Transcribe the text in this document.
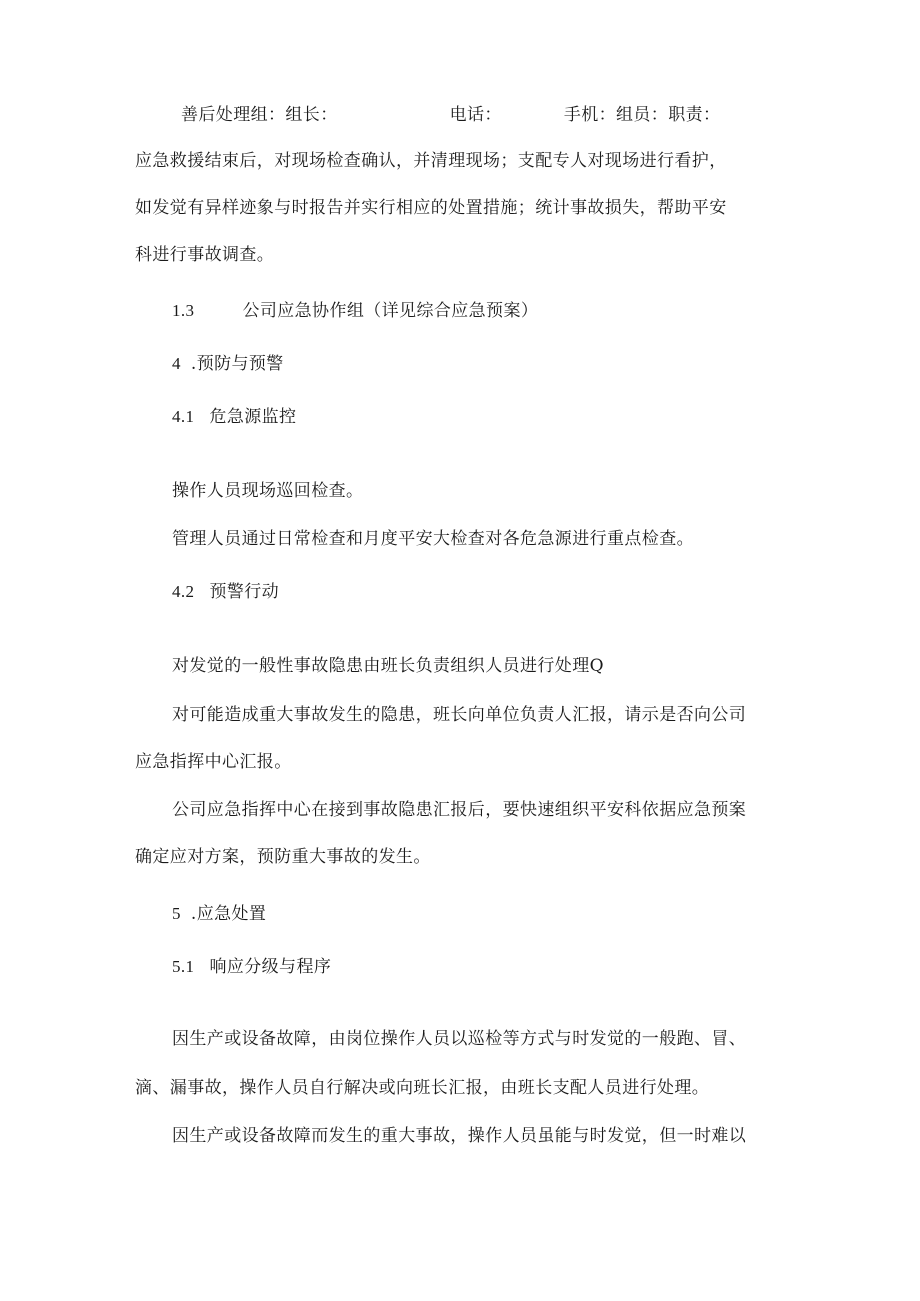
善后处理组：组长：	电话：	手机：组员：职责：
应急救援结束后，对现场检查确认，并清理现场；支配专人对现场进行看护，
如发觉有异样迹象与时报告并实行相应的处置措施；统计事故损失，帮助平安
科进行事故调查。
1.3	公司应急协作组（详见综合应急预案）
4 .预防与预警
4.1 危急源监控
操作人员现场巡回检查。
管理人员通过日常检查和月度平安大检查对各危急源进行重点检查。
4.2 预警行动
对发觉的一般性事故隐患由班长负责组织人员进行处理Q
对可能造成重大事故发生的隐患，班长向单位负责人汇报，请示是否向公司
应急指挥中心汇报。
公司应急指挥中心在接到事故隐患汇报后，要快速组织平安科依据应急预案
确定应对方案，预防重大事故的发生。
5 .应急处置
5.1 响应分级与程序
因生产或设备故障，由岗位操作人员以巡检等方式与时发觉的一般跑、冒、
滴、漏事故，操作人员自行解决或向班长汇报，由班长支配人员进行处理。
因生产或设备故障而发生的重大事故，操作人员虽能与时发觉，但一时难以
